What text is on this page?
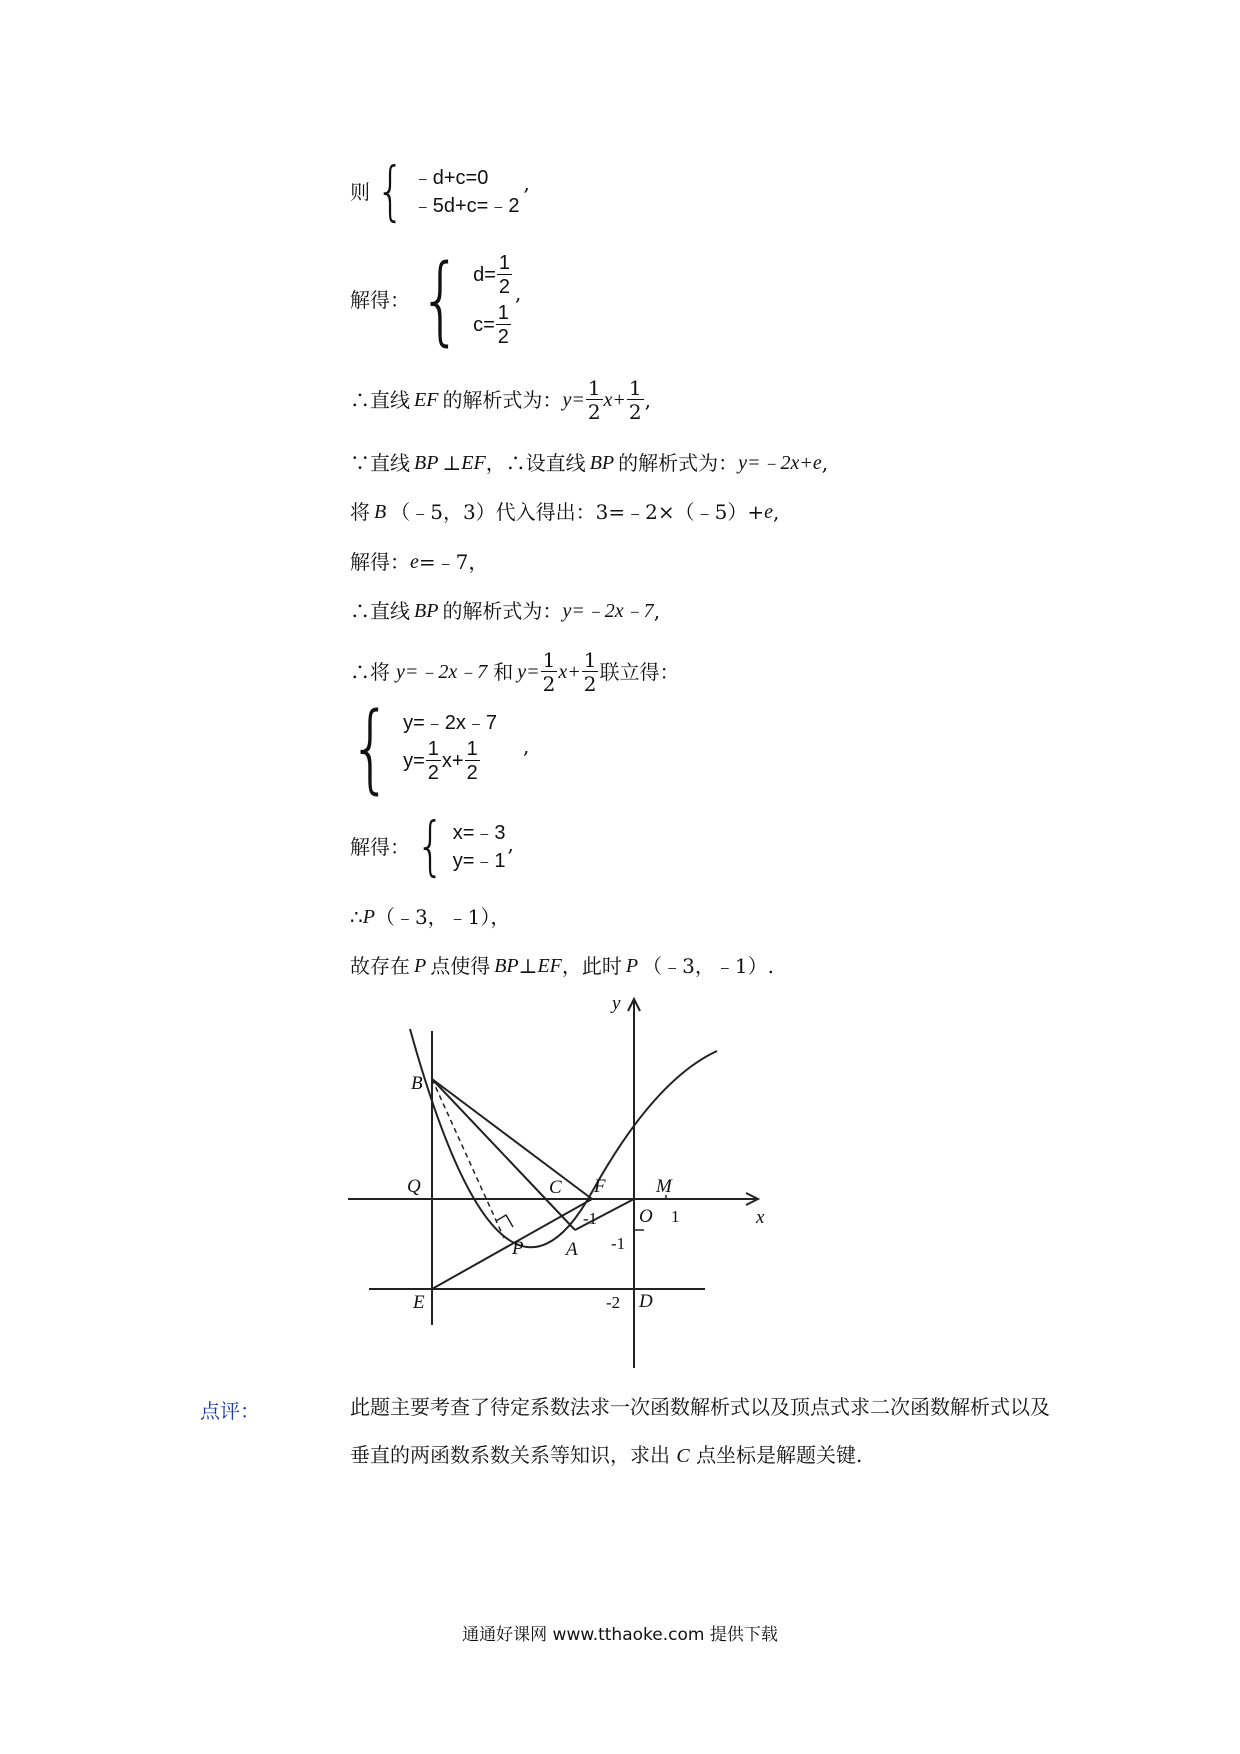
则 { ﹣d+c=0
﹣5d+c=﹣2
,
解得： { $d= \frac{1}{2}$
$c= \frac{1}{2}$
,
∴直线 EF 的解析式为： $y= \frac{1}{2} x+ \frac{1}{2}$ ,
∵直线 BP ⊥ EF ，∴设直线 BP 的解析式为： y=﹣2x+e ,
将 B （﹣5，3）代入得出：3=﹣2×（﹣5）+ e ,
解得： e =﹣7，
∴直线 BP 的解析式为： y=﹣2x﹣7 ,
∴将 y=﹣2x﹣7 和 $y= \frac{1}{2} x+ \frac{1}{2}$ 联立得：
{ y=﹣2x﹣7
$y= \frac{1}{2} x+ \frac{1}{2}$ ,
解得： { x=﹣3
y=﹣1
,
∴ P （﹣3，﹣1），
故存在 P 点使得 BP ⊥ EF ，此时 P （﹣3，﹣1）.
y
x
B
Q	C F
O
M
P A
E	D
-1	1
-1
-2
点评：	此题主要考查了待定系数法求一次函数解析式以及顶点式求二次函数解析式以及
垂直的两函数系数关系等知识，求出 C 点坐标是解题关键.
通通好课网 www.tthaoke.com 提供下载
